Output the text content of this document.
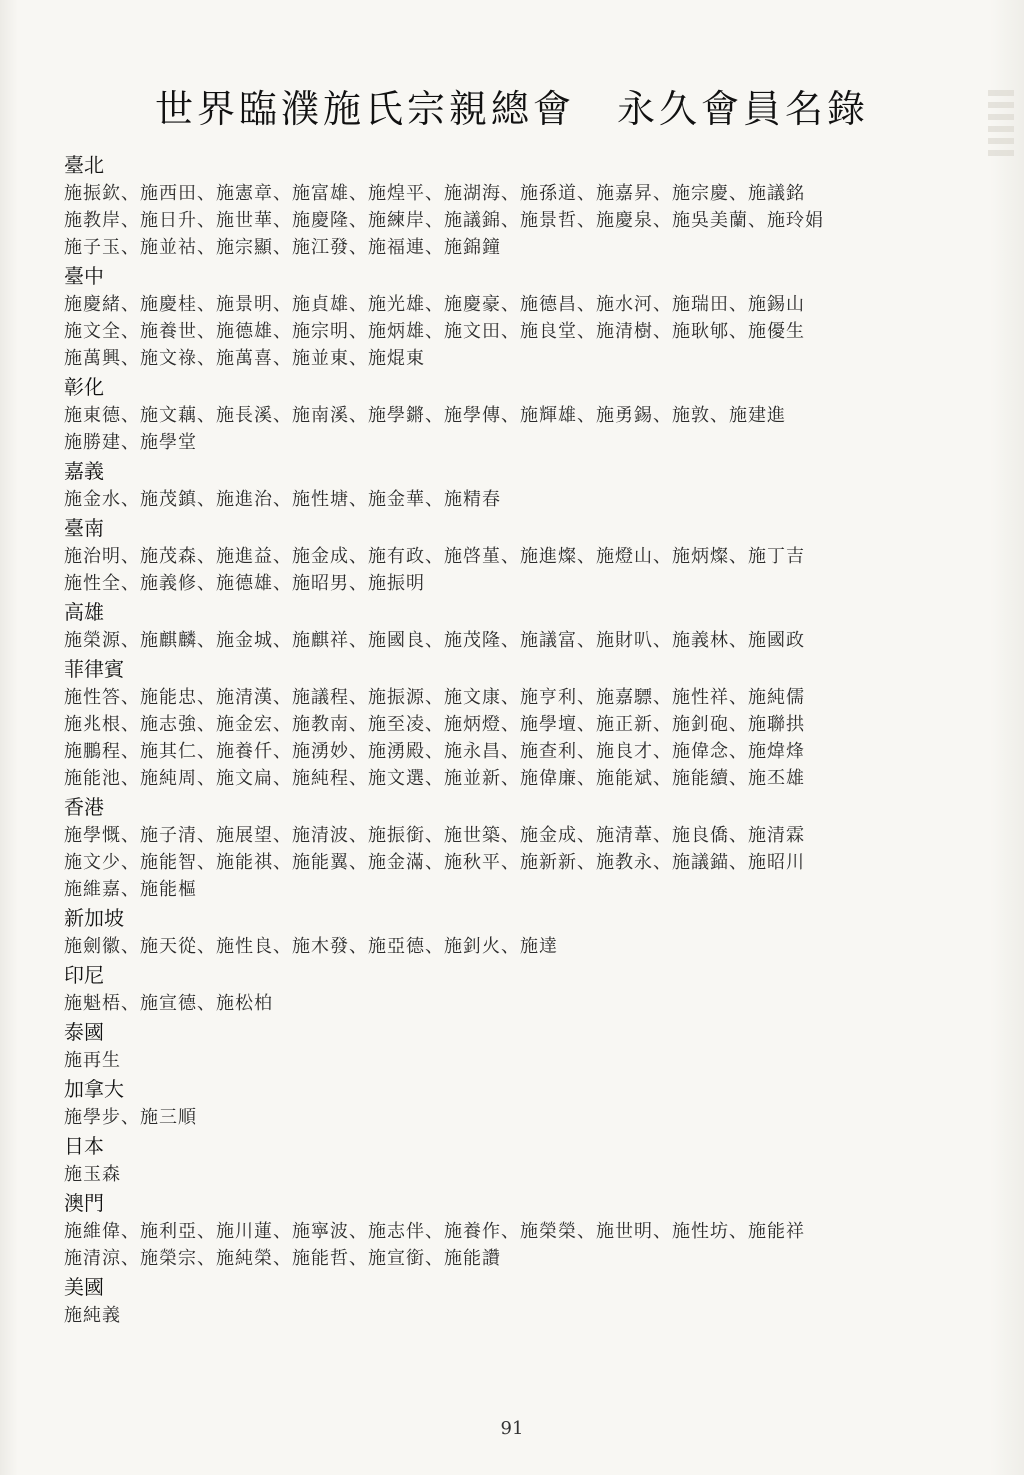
世界臨濮施氏宗親總會　永久會員名錄
臺北
施振欽、施西田、施憲章、施富雄、施煌平、施湖海、施孫道、施嘉昇、施宗慶、施議銘
施教岸、施日升、施世華、施慶隆、施練岸、施議錦、施景哲、施慶泉、施吳美蘭、施玲娟
施子玉、施並祜、施宗顯、施江發、施福連、施錦鐘
臺中
施慶緒、施慶桂、施景明、施貞雄、施光雄、施慶豪、施德昌、施水河、施瑞田、施錫山
施文全、施養世、施德雄、施宗明、施炳雄、施文田、施良堂、施清樹、施耿郇、施優生
施萬興、施文祿、施萬喜、施並東、施焜東
彰化
施東德、施文藕、施長溪、施南溪、施學鏘、施學傳、施輝雄、施勇錫、施敦、施建進
施勝建、施學堂
嘉義
施金水、施茂鎮、施進治、施性塘、施金華、施精春
臺南
施治明、施茂森、施進益、施金成、施有政、施啓堇、施進燦、施燈山、施炳燦、施丁吉
施性全、施義修、施德雄、施昭男、施振明
高雄
施榮源、施麒麟、施金城、施麒祥、施國良、施茂隆、施議富、施財叭、施義林、施國政
菲律賓
施性答、施能忠、施清漢、施議程、施振源、施文康、施亨利、施嘉驃、施性祥、施純儒
施兆根、施志強、施金宏、施教南、施至凌、施炳燈、施學壇、施正新、施釗砲、施聯拱
施鵬程、施其仁、施養仟、施湧妙、施湧殿、施永昌、施查利、施良才、施偉念、施煒烽
施能池、施純周、施文扁、施純程、施文選、施並新、施偉廉、施能斌、施能續、施丕雄
香港
施學慨、施子清、施展望、施清波、施振銜、施世築、施金成、施清葦、施良僑、施清霖
施文少、施能智、施能祺、施能翼、施金滿、施秋平、施新新、施教永、施議錨、施昭川
施維嘉、施能樞
新加坡
施劍徽、施天從、施性良、施木發、施亞德、施釗火、施達
印尼
施魁梧、施宣德、施松柏
泰國
施再生
加拿大
施學步、施三順
日本
施玉森
澳門
施維偉、施利亞、施川蓮、施寧波、施志伴、施養作、施榮榮、施世明、施性坊、施能祥
施清涼、施榮宗、施純榮、施能哲、施宣銜、施能讚
美國
施純義
91
